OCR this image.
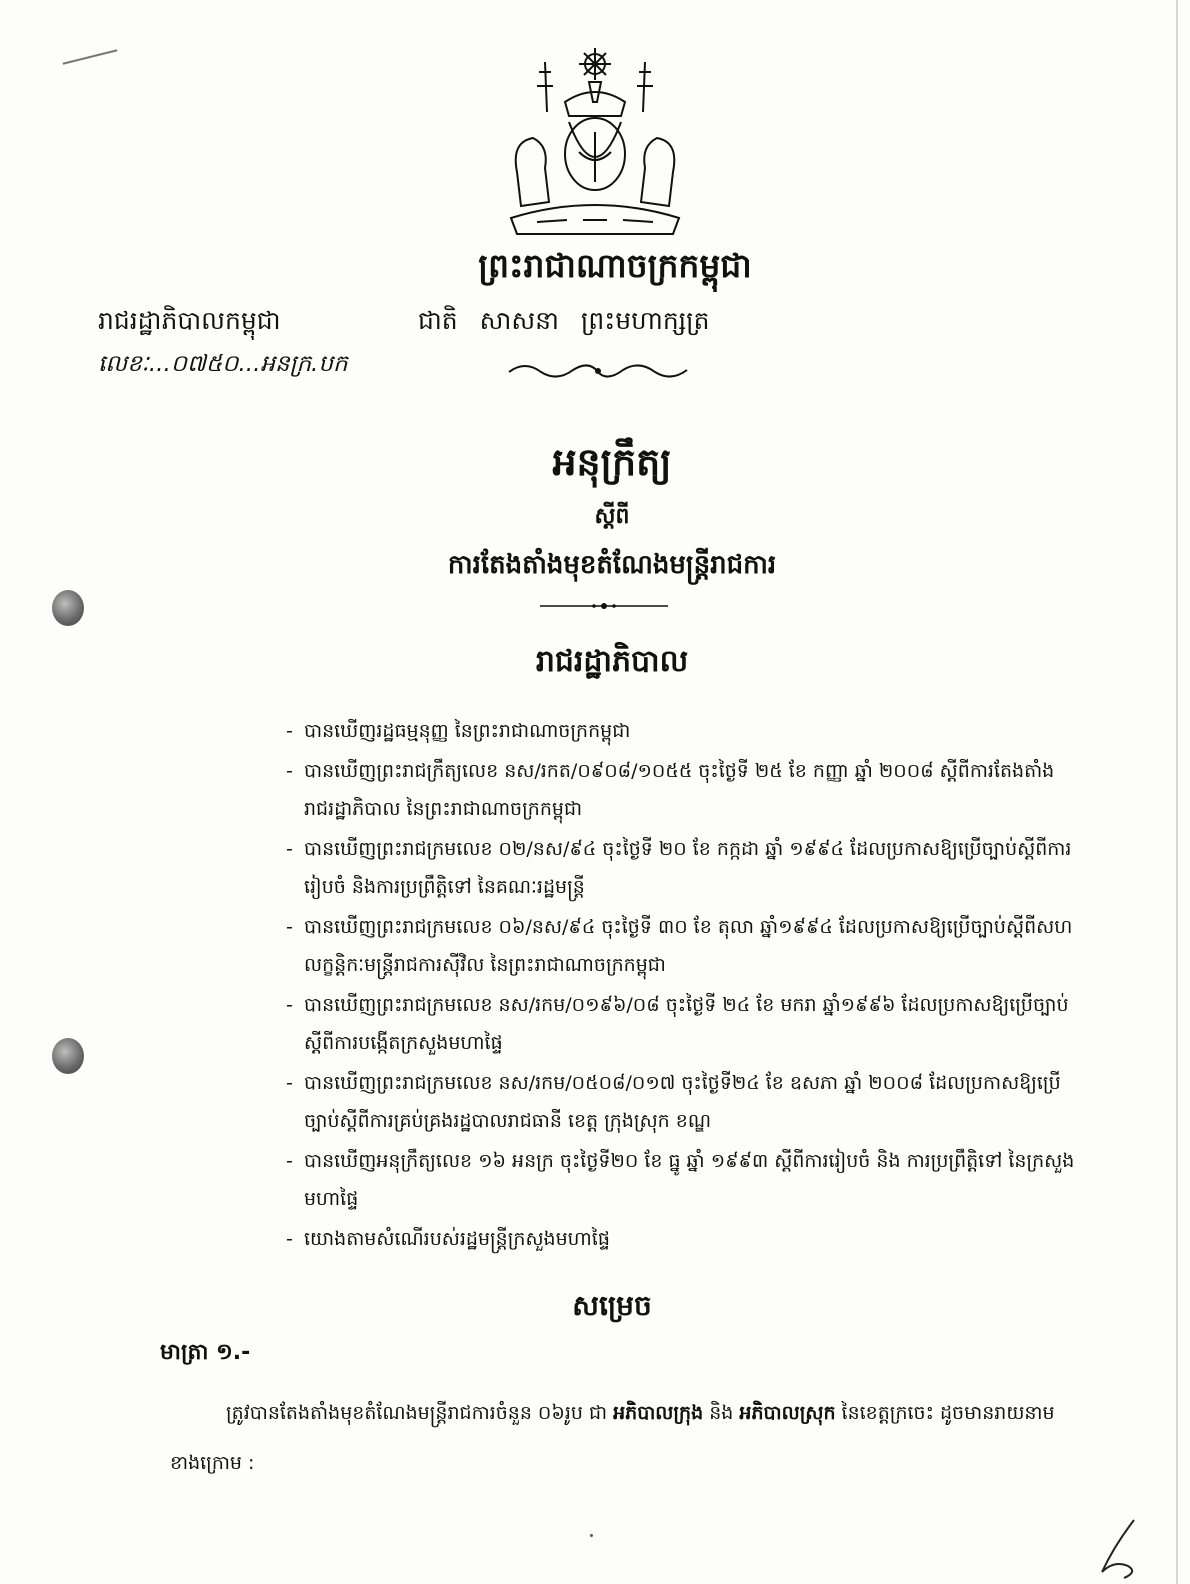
ព្រះរាជាណាចក្រកម្ពុជា
រាជរដ្ឋាភិបាលកម្ពុជា	ជាតិ សាសនា ព្រះមហាក្សត្រ
លេខៈ...០៧៥០...អនក្រ.បក
អនុក្រឹត្យ
ស្តីពី
ការតែងតាំងមុខតំណែងមន្ត្រីរាជការ
រាជរដ្ឋាភិបាល
- បានឃើញរដ្ឋធម្មនុញ្ញ នៃព្រះរាជាណាចក្រកម្ពុជា
- បានឃើញព្រះរាជក្រឹត្យលេខ នស/រកត/០៩០៨/១០៥៥ ចុះថ្ងៃទី ២៥ ខែ កញ្ញា ឆ្នាំ ២០០៨ ស្តីពីការតែងតាំងរាជរដ្ឋាភិបាល នៃព្រះរាជាណាចក្រកម្ពុជា
- បានឃើញព្រះរាជក្រមលេខ ០២/នស/៩៤ ចុះថ្ងៃទី ២០ ខែ កក្កដា ឆ្នាំ ១៩៩៤ ដែលប្រកាសឱ្យប្រើច្បាប់ស្តីពីការរៀបចំ និងការប្រព្រឹត្តិទៅ នៃគណៈរដ្ឋមន្ត្រី
- បានឃើញព្រះរាជក្រមលេខ ០៦/នស/៩៤ ចុះថ្ងៃទី ៣០ ខែ តុលា ឆ្នាំ១៩៩៤ ដែលប្រកាសឱ្យប្រើច្បាប់ស្តីពីសហលក្ខន្តិកៈមន្ត្រីរាជការស៊ីវិល នៃព្រះរាជាណាចក្រកម្ពុជា
- បានឃើញព្រះរាជក្រមលេខ នស/រកម/០១៩៦/០៨ ចុះថ្ងៃទី ២៤ ខែ មករា ឆ្នាំ១៩៩៦ ដែលប្រកាសឱ្យប្រើច្បាប់ស្តីពីការបង្កើតក្រសួងមហាផ្ទៃ
- បានឃើញព្រះរាជក្រមលេខ នស/រកម/០៥០៨/០១៧ ចុះថ្ងៃទី២៤ ខែ ឧសភា ឆ្នាំ ២០០៨ ដែលប្រកាសឱ្យប្រើច្បាប់ស្តីពីការគ្រប់គ្រងរដ្ឋបាលរាជធានី ខេត្ត ក្រុងស្រុក ខណ្ឌ
- បានឃើញអនុក្រឹត្យលេខ ១៦ អនក្រ ចុះថ្ងៃទី២០ ខែ ធ្នូ ឆ្នាំ ១៩៩៣ ស្តីពីការរៀបចំ និង ការប្រព្រឹត្តិទៅ នៃក្រសួងមហាផ្ទៃ
- យោងតាមសំណើរបស់រដ្ឋមន្ត្រីក្រសួងមហាផ្ទៃ
សម្រេច
មាត្រា ១.-
ត្រូវបានតែងតាំងមុខតំណែងមន្ត្រីរាជការចំនួន ០៦រូប ជា អភិបាលក្រុង និង អភិបាលស្រុក នៃខេត្តក្រចេះ ដូចមានរាយនាមខាងក្រោម :
